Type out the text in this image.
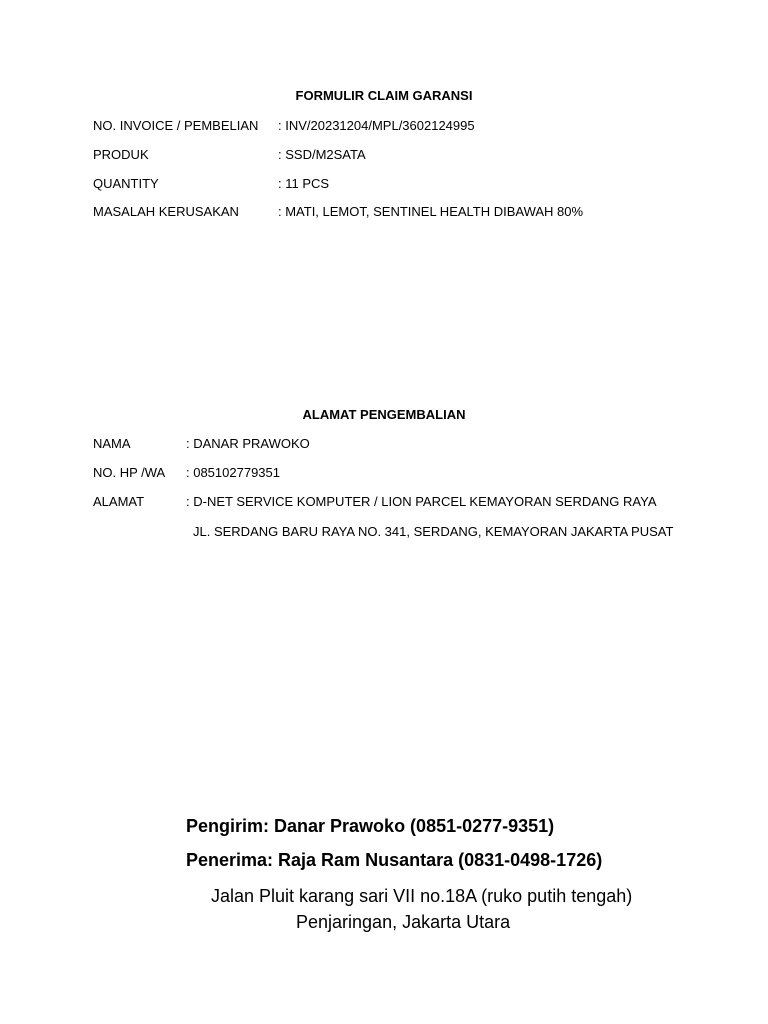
FORMULIR CLAIM GARANSI
NO. INVOICE / PEMBELIAN : INV/20231204/MPL/3602124995
PRODUK	: SSD/M2SATA
QUANTITY	: 11 PCS
MASALAH KERUSAKAN	: MATI, LEMOT, SENTINEL HEALTH DIBAWAH 80%
ALAMAT PENGEMBALIAN
NAMA	: DANAR PRAWOKO
NO. HP /WA : 085102779351
ALAMAT	: D-NET SERVICE KOMPUTER / LION PARCEL KEMAYORAN SERDANG RAYA
JL. SERDANG BARU RAYA NO. 341, SERDANG, KEMAYORAN JAKARTA PUSAT
Pengirim: Danar Prawoko (0851-0277-9351)
Penerima: Raja Ram Nusantara (0831-0498-1726)
Jalan Pluit karang sari VII no.18A (ruko putih tengah)
Penjaringan, Jakarta Utara
